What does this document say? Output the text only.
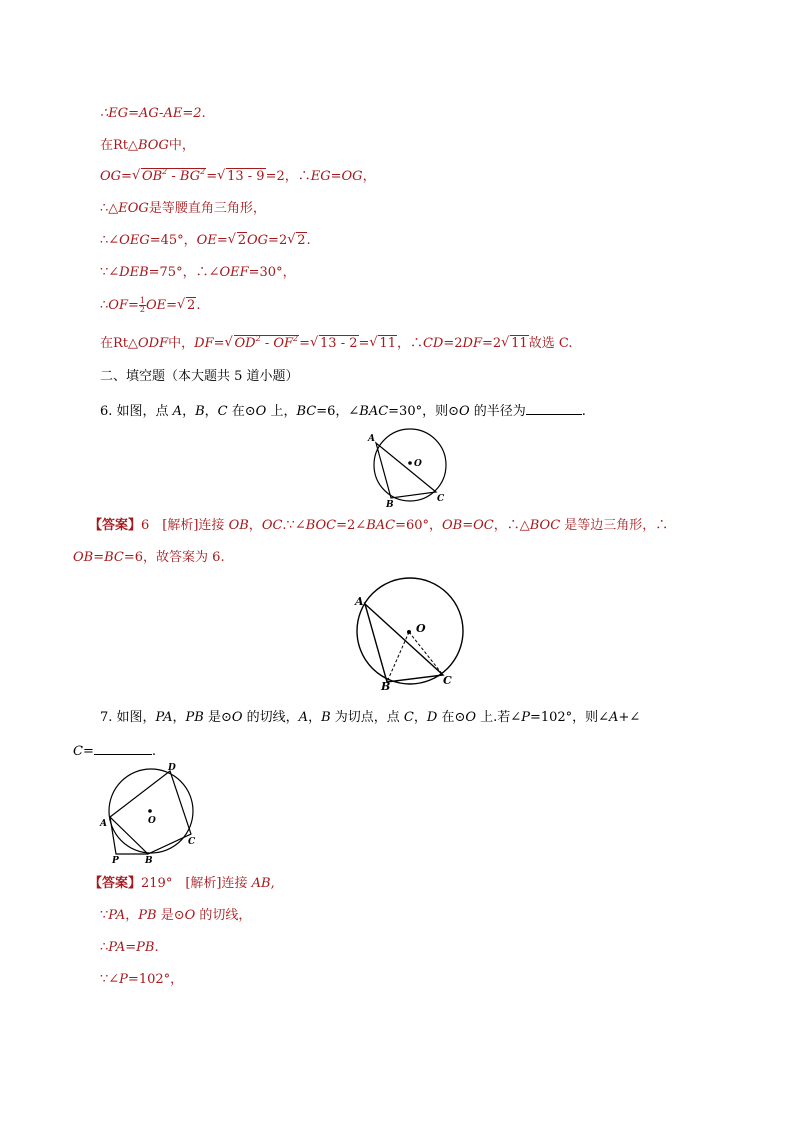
∴EG=AG-AE=2.
在Rt△BOG中，
OG=√ $OB^2 - BG^2=√$ 13 - 9=2，∴EG=OG，
∴△EOG是等腰直角三角形，
∴∠OEG=45°，OE=√ 2OG=2√ 2.
∵∠DEB=75°，∴∠OEF=30°，
∴OF= $\frac{1}{2} OE=√$ 2.
在Rt△ODF中，DF=√ $OD^2 - OF^2=√$ 13 - 2=√ 11，∴CD=2DF=2√ 11故选 C.
二、填空题（本大题共 5 道小题）
6. 如图，点 A，B，C 在⊙O 上，BC=6，∠BAC=30°，则⊙O 的半径为	.
A
B
C
O
【答案】6　[解析]连接 OB，OC.∵∠BOC=2∠BAC=60°，OB=OC，∴△BOC 是等边三角形，∴
OB=BC=6，故答案为 6.
A
B	C
O
7. 如图，PA，PB 是⊙O 的切线，A，B 为切点，点 C，D 在⊙O 上.若∠P=102°，则∠A+∠
C=	.
A
B
C
D
O
P
【答案】219°　[解析]连接 AB,
∵PA，PB 是⊙O 的切线，
∴PA=PB.
∵∠P=102°，
